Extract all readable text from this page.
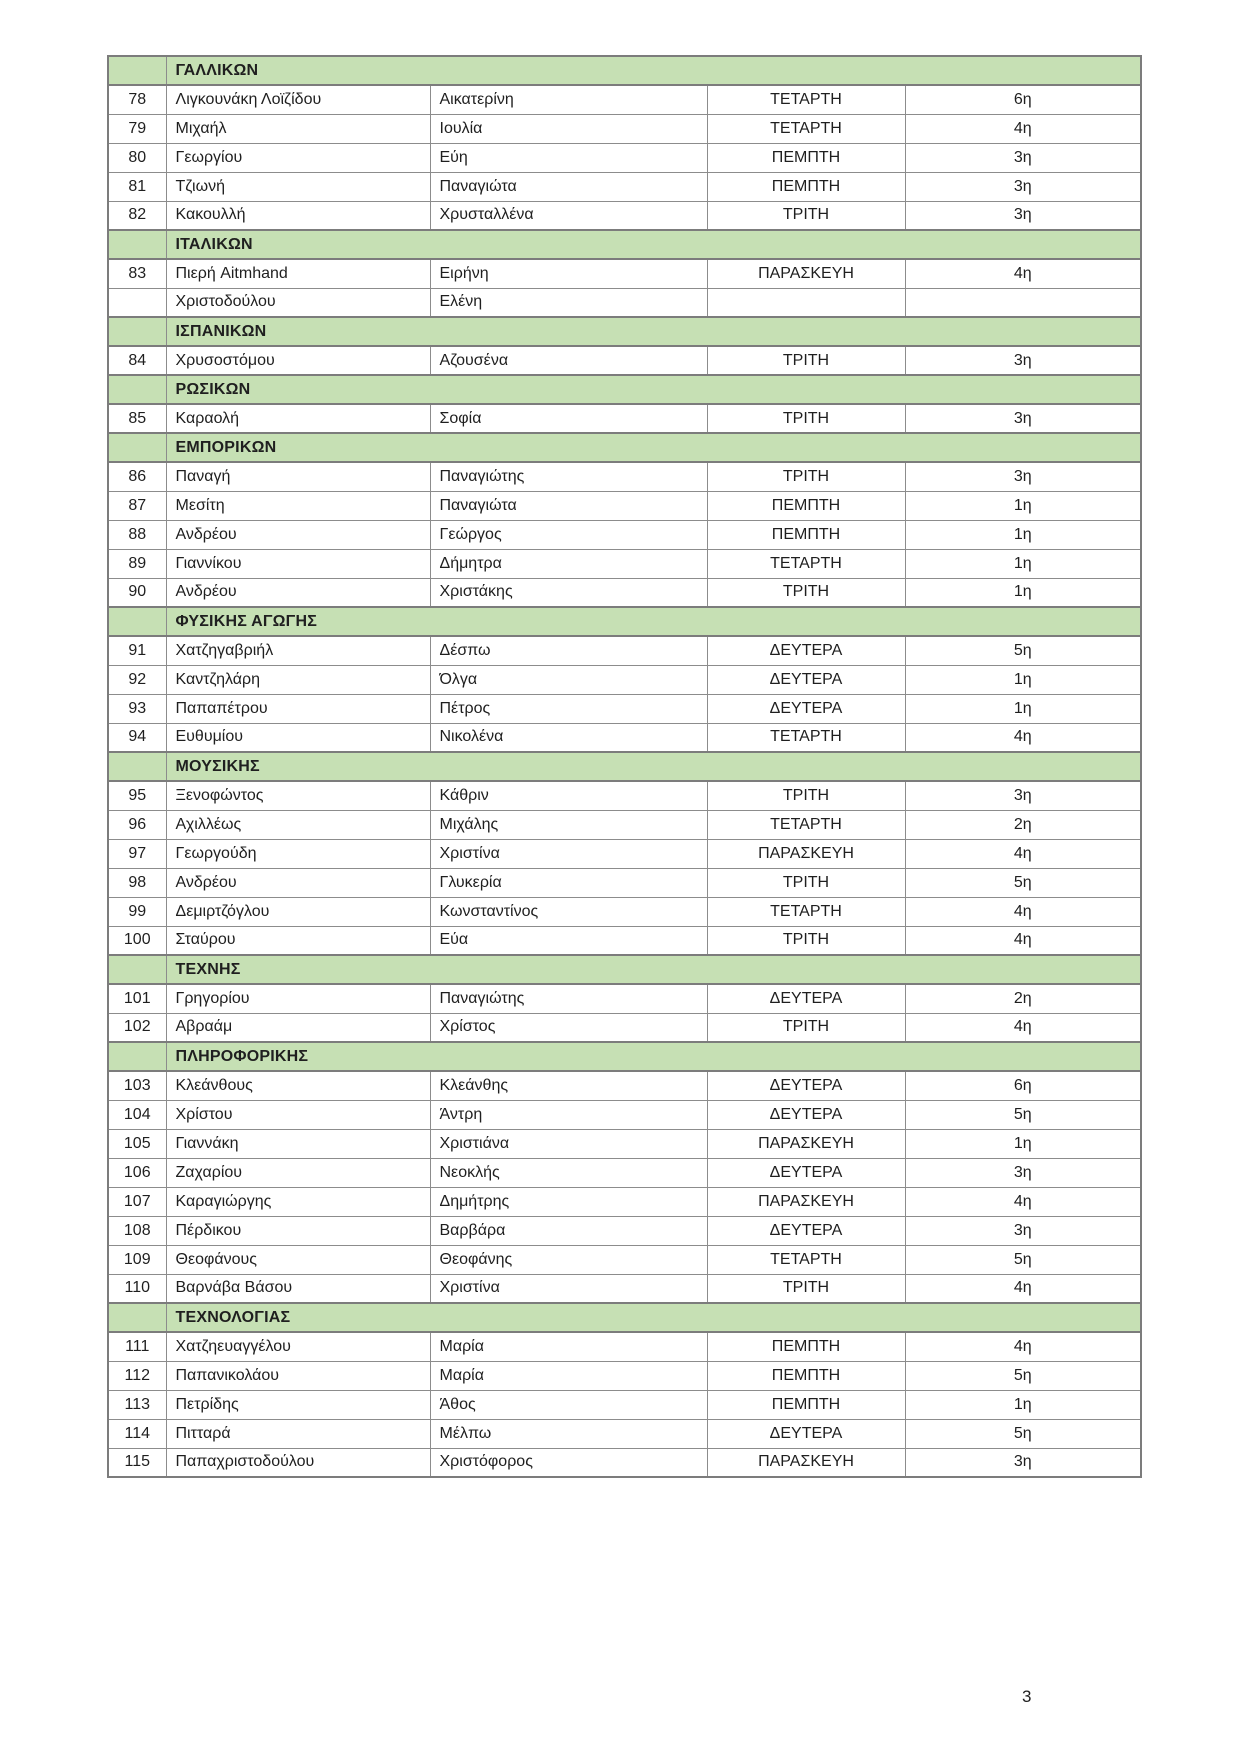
	ΓΑΛΛΙΚΩΝ			
78	Λιγκουνάκη Λοϊζίδου	Αικατερίνη	ΤΕΤΑΡΤΗ	6η
79	Μιχαήλ	Ιουλία	ΤΕΤΑΡΤΗ	4η
80	Γεωργίου	Εύη	ΠΕΜΠΤΗ	3η
81	Τζιωνή	Παναγιώτα	ΠΕΜΠΤΗ	3η
82	Κακουλλή	Χρυσταλλένα	ΤΡΙΤΗ	3η
	ΙΤΑΛΙΚΩΝ			
83	Πιερή Aitmhand	Ειρήνη	ΠΑΡΑΣΚΕΥΗ	4η
	Χριστοδούλου	Ελένη		
	ΙΣΠΑΝΙΚΩΝ			
84	Χρυσοστόμου	Αζουσένα	ΤΡΙΤΗ	3η
	ΡΩΣΙΚΩΝ			
85	Καραολή	Σοφία	ΤΡΙΤΗ	3η
	ΕΜΠΟΡΙΚΩΝ			
86	Παναγή	Παναγιώτης	ΤΡΙΤΗ	3η
87	Μεσίτη	Παναγιώτα	ΠΕΜΠΤΗ	1η
88	Ανδρέου	Γεώργος	ΠΕΜΠΤΗ	1η
89	Γιαννίκου	Δήμητρα	ΤΕΤΑΡΤΗ	1η
90	Ανδρέου	Χριστάκης	ΤΡΙΤΗ	1η
	ΦΥΣΙΚΗΣ ΑΓΩΓΗΣ			
91	Χατζηγαβριήλ	Δέσπω	ΔΕΥΤΕΡΑ	5η
92	Καντζηλάρη	Όλγα	ΔΕΥΤΕΡΑ	1η
93	Παπαπέτρου	Πέτρος	ΔΕΥΤΕΡΑ	1η
94	Ευθυμίου	Νικολένα	ΤΕΤΑΡΤΗ	4η
	ΜΟΥΣΙΚΗΣ			
95	Ξενοφώντος	Κάθριν	ΤΡΙΤΗ	3η
96	Αχιλλέως	Μιχάλης	ΤΕΤΑΡΤΗ	2η
97	Γεωργούδη	Χριστίνα	ΠΑΡΑΣΚΕΥΗ	4η
98	Ανδρέου	Γλυκερία	ΤΡΙΤΗ	5η
99	Δεμιρτζόγλου	Κωνσταντίνος	ΤΕΤΑΡΤΗ	4η
100	Σταύρου	Εύα	ΤΡΙΤΗ	4η
	ΤΕΧΝΗΣ			
101	Γρηγορίου	Παναγιώτης	ΔΕΥΤΕΡΑ	2η
102	Αβραάμ	Χρίστος	ΤΡΙΤΗ	4η
	ΠΛΗΡΟΦΟΡΙΚΗΣ			
103	Κλεάνθους	Κλεάνθης	ΔΕΥΤΕΡΑ	6η
104	Χρίστου	Άντρη	ΔΕΥΤΕΡΑ	5η
105	Γιαννάκη	Χριστιάνα	ΠΑΡΑΣΚΕΥΗ	1η
106	Ζαχαρίου	Νεοκλής	ΔΕΥΤΕΡΑ	3η
107	Καραγιώργης	Δημήτρης	ΠΑΡΑΣΚΕΥΗ	4η
108	Πέρδικου	Βαρβάρα	ΔΕΥΤΕΡΑ	3η
109	Θεοφάνους	Θεοφάνης	ΤΕΤΑΡΤΗ	5η
110	Βαρνάβα Βάσου	Χριστίνα	ΤΡΙΤΗ	4η
	ΤΕΧΝΟΛΟΓΙΑΣ			
111	Χατζηευαγγέλου	Μαρία	ΠΕΜΠΤΗ	4η
112	Παπανικολάου	Μαρία	ΠΕΜΠΤΗ	5η
113	Πετρίδης	Άθος	ΠΕΜΠΤΗ	1η
114	Πιτταρά	Μέλπω	ΔΕΥΤΕΡΑ	5η
115	Παπαχριστοδούλου	Χριστόφορος	ΠΑΡΑΣΚΕΥΗ	3η
3
